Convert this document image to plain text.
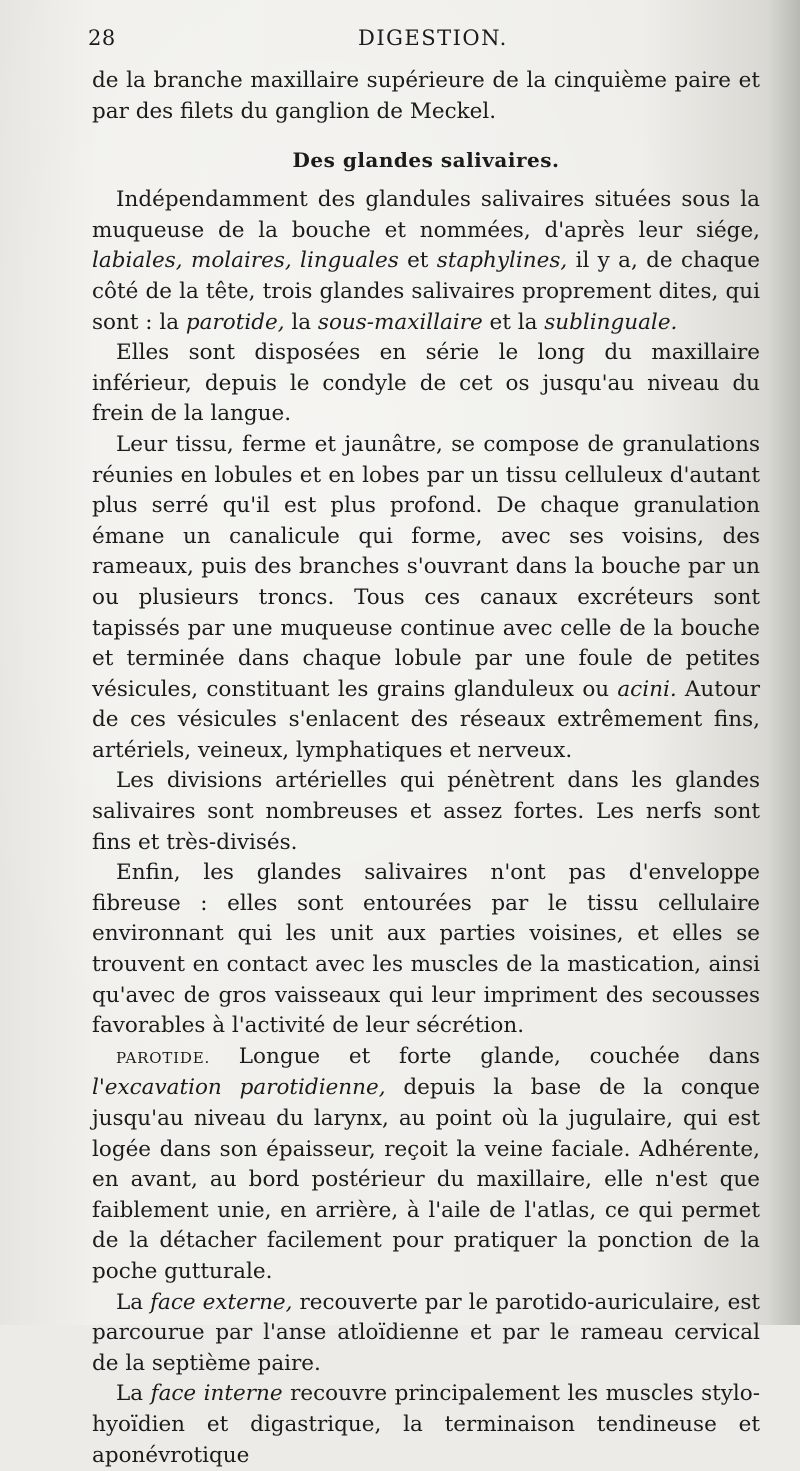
28	DIGESTION.

de la branche maxillaire supérieure de la cinquième paire et par des filets du ganglion de Meckel.

Des glandes salivaires.

Indépendamment des glandules salivaires situées sous la muqueuse de la bouche et nommées, d'après leur siége, labiales, molaires, linguales et staphylines, il y a, de chaque côté de la tête, trois glandes salivaires proprement dites, qui sont : la parotide, la sous-maxillaire et la sublinguale.

Elles sont disposées en série le long du maxillaire inférieur, depuis le condyle de cet os jusqu'au niveau du frein de la langue.

Leur tissu, ferme et jaunâtre, se compose de granulations réunies en lobules et en lobes par un tissu celluleux d'autant plus serré qu'il est plus profond. De chaque granulation émane un canalicule qui forme, avec ses voisins, des rameaux, puis des branches s'ouvrant dans la bouche par un ou plusieurs troncs. Tous ces canaux excréteurs sont tapissés par une muqueuse continue avec celle de la bouche et terminée dans chaque lobule par une foule de petites vésicules, constituant les grains glanduleux ou acini. Autour de ces vésicules s'enlacent des réseaux extrêmement fins, artériels, veineux, lymphatiques et nerveux.

Les divisions artérielles qui pénètrent dans les glandes salivaires sont nombreuses et assez fortes. Les nerfs sont fins et très-divisés.

Enfin, les glandes salivaires n'ont pas d'enveloppe fibreuse : elles sont entourées par le tissu cellulaire environnant qui les unit aux parties voisines, et elles se trouvent en contact avec les muscles de la mastication, ainsi qu'avec de gros vaisseaux qui leur impriment des secousses favorables à l'activité de leur sécrétion.

PAROTIDE. Longue et forte glande, couchée dans l'excavation parotidienne, depuis la base de la conque jusqu'au niveau du larynx, au point où la jugulaire, qui est logée dans son épaisseur, reçoit la veine faciale. Adhérente, en avant, au bord postérieur du maxillaire, elle n'est que faiblement unie, en arrière, à l'aile de l'atlas, ce qui permet de la détacher facilement pour pratiquer la ponction de la poche gutturale.

La face externe, recouverte par le parotido-auriculaire, est parcourue par l'anse atloïdienne et par le rameau cervical de la septième paire.

La face interne recouvre principalement les muscles stylo-hyoïdien et digastrique, la terminaison tendineuse et aponévrotique
